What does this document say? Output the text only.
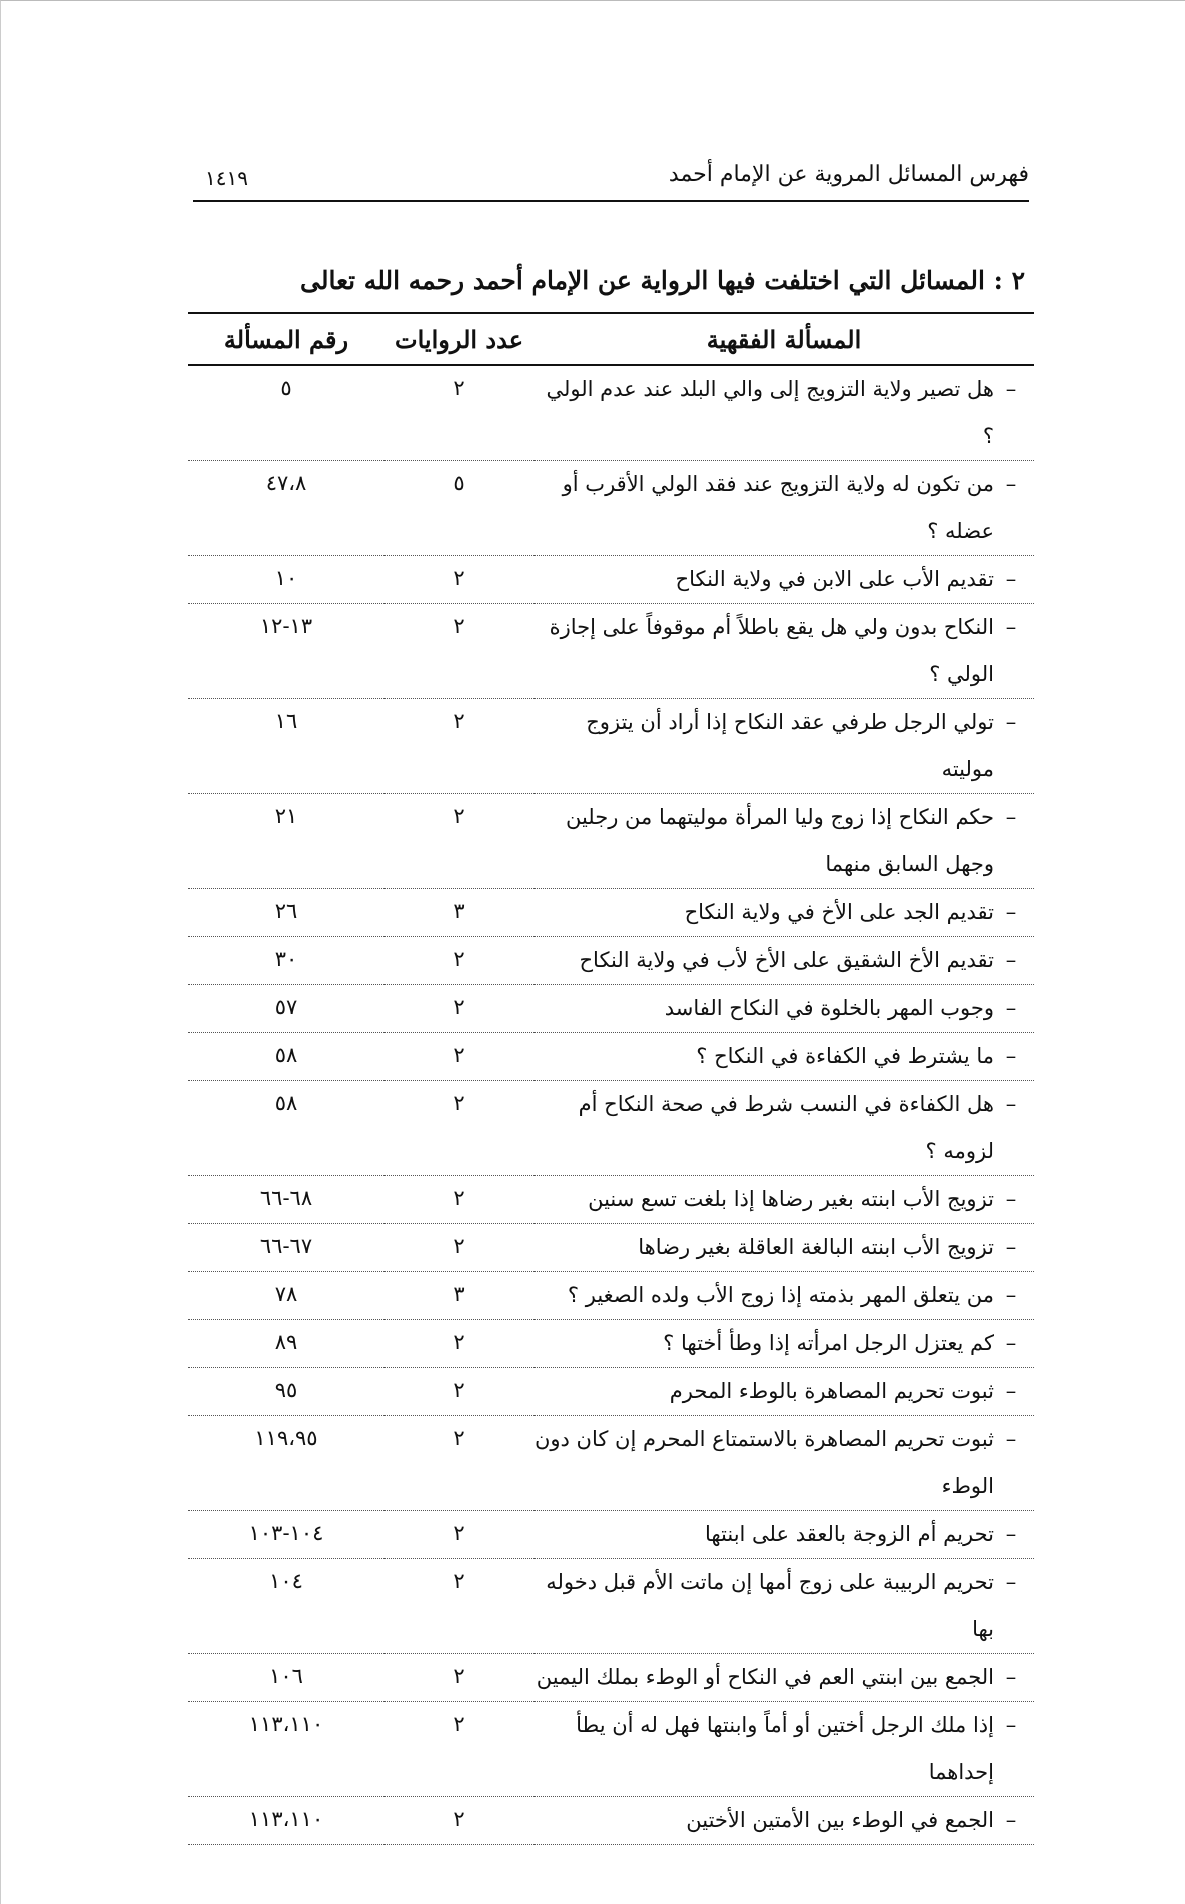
فهرس المسائل المروية عن الإمام أحمد
١٤١٩
٢ : المسائل التي اختلفت فيها الرواية عن الإمام أحمد رحمه الله تعالى
المسألة الفقهية	عدد الروايات	رقم المسألة

–
هل تصير ولاية التزويج إلى والي البلد عند عدم الولي ؟	٢	٥

–
من تكون له ولاية التزويج عند فقد الولي الأقرب أو
عضله ؟	٥	٤٧،٨

–
تقديم الأب على الابن في ولاية النكاح	٢	١٠

–
النكاح بدون ولي هل يقع باطلاً أم موقوفاً على إجازة
الولي ؟	٢	١٣-١٢

–
تولي الرجل طرفي عقد النكاح إذا أراد أن يتزوج موليته	٢	١٦

–
حكم النكاح إذا زوج وليا المرأة موليتهما من رجلين
وجهل السابق منهما	٢	٢١

–
تقديم الجد على الأخ في ولاية النكاح	٣	٢٦

–
تقديم الأخ الشقيق على الأخ لأب في ولاية النكاح	٢	٣٠

–
وجوب المهر بالخلوة في النكاح الفاسد	٢	٥٧

–
ما يشترط في الكفاءة في النكاح ؟	٢	٥٨

–
هل الكفاءة في النسب شرط في صحة النكاح أم لزومه ؟	٢	٥٨

–
تزويج الأب ابنته بغير رضاها إذا بلغت تسع سنين	٢	٦٨-٦٦

–
تزويج الأب ابنته البالغة العاقلة بغير رضاها	٢	٦٧-٦٦

–
من يتعلق المهر بذمته إذا زوج الأب ولده الصغير ؟	٣	٧٨

–
كم يعتزل الرجل امرأته إذا وطأ أختها ؟	٢	٨٩

–
ثبوت تحريم المصاهرة بالوطء المحرم	٢	٩٥

–
ثبوت تحريم المصاهرة بالاستمتاع المحرم إن كان دون
الوطء	٢	١١٩،٩٥

–
تحريم أم الزوجة بالعقد على ابنتها	٢	١٠٤-١٠٣

–
تحريم الربيبة على زوج أمها إن ماتت الأم قبل دخوله بها	٢	١٠٤

–
الجمع بين ابنتي العم في النكاح أو الوطء بملك اليمين	٢	١٠٦

–
إذا ملك الرجل أختين أو أماً وابنتها فهل له أن يطأ
إحداهما	٢	١١٣،١١٠

–
الجمع في الوطء بين الأمتين الأختين	٢	١١٣،١١٠
